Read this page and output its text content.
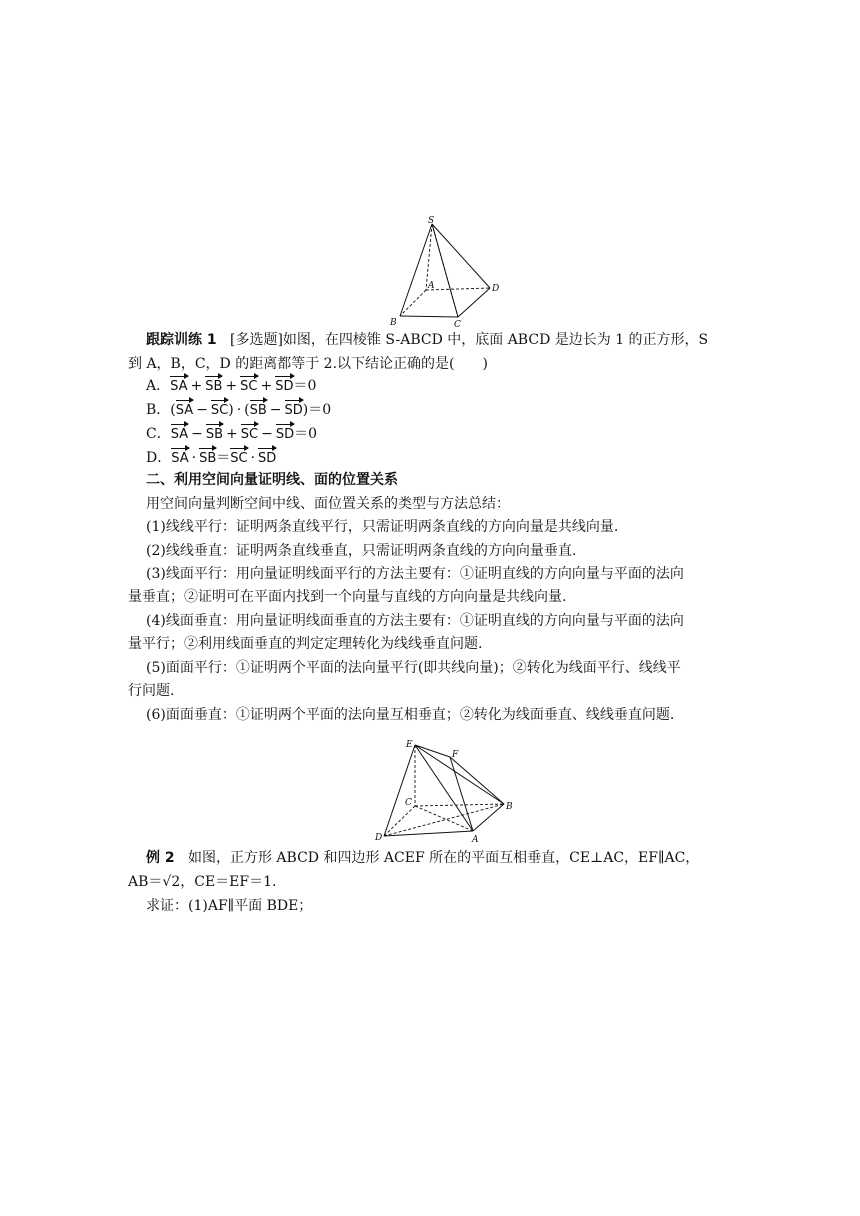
S
A
B	C
D
跟踪训练 1 [多选题]如图，在四棱锥 S-ABCD 中，底面 ABCD 是边长为 1 的正方形，S
到 A，B，C，D 的距离都等于 2.以下结论正确的是(　　)
A．SA + SB + SC + SD＝0
B．(SA − SC) · (SB − SD)＝0
C．SA − SB + SC − SD＝0
D．SA · SB＝SC · SD
二、利用空间向量证明线、面的位置关系
用空间向量判断空间中线、面位置关系的类型与方法总结：
(1)线线平行：证明两条直线平行，只需证明两条直线的方向向量是共线向量.
(2)线线垂直：证明两条直线垂直，只需证明两条直线的方向向量垂直.
(3)线面平行：用向量证明线面平行的方法主要有：①证明直线的方向向量与平面的法向
量垂直；②证明可在平面内找到一个向量与直线的方向向量是共线向量.
(4)线面垂直：用向量证明线面垂直的方法主要有：①证明直线的方向向量与平面的法向
量平行；②利用线面垂直的判定定理转化为线线垂直问题.
(5)面面平行：①证明两个平面的法向量平行(即共线向量)；②转化为线面平行、线线平
行问题.
(6)面面垂直：①证明两个平面的法向量互相垂直；②转化为线面垂直、线线垂直问题.
E
F
C	B
D	A
例 2 如图，正方形 ABCD 和四边形 ACEF 所在的平面互相垂直，CE⊥AC，EF∥AC，
AB＝√2，CE＝EF＝1.
求证：(1)AF∥平面 BDE；
